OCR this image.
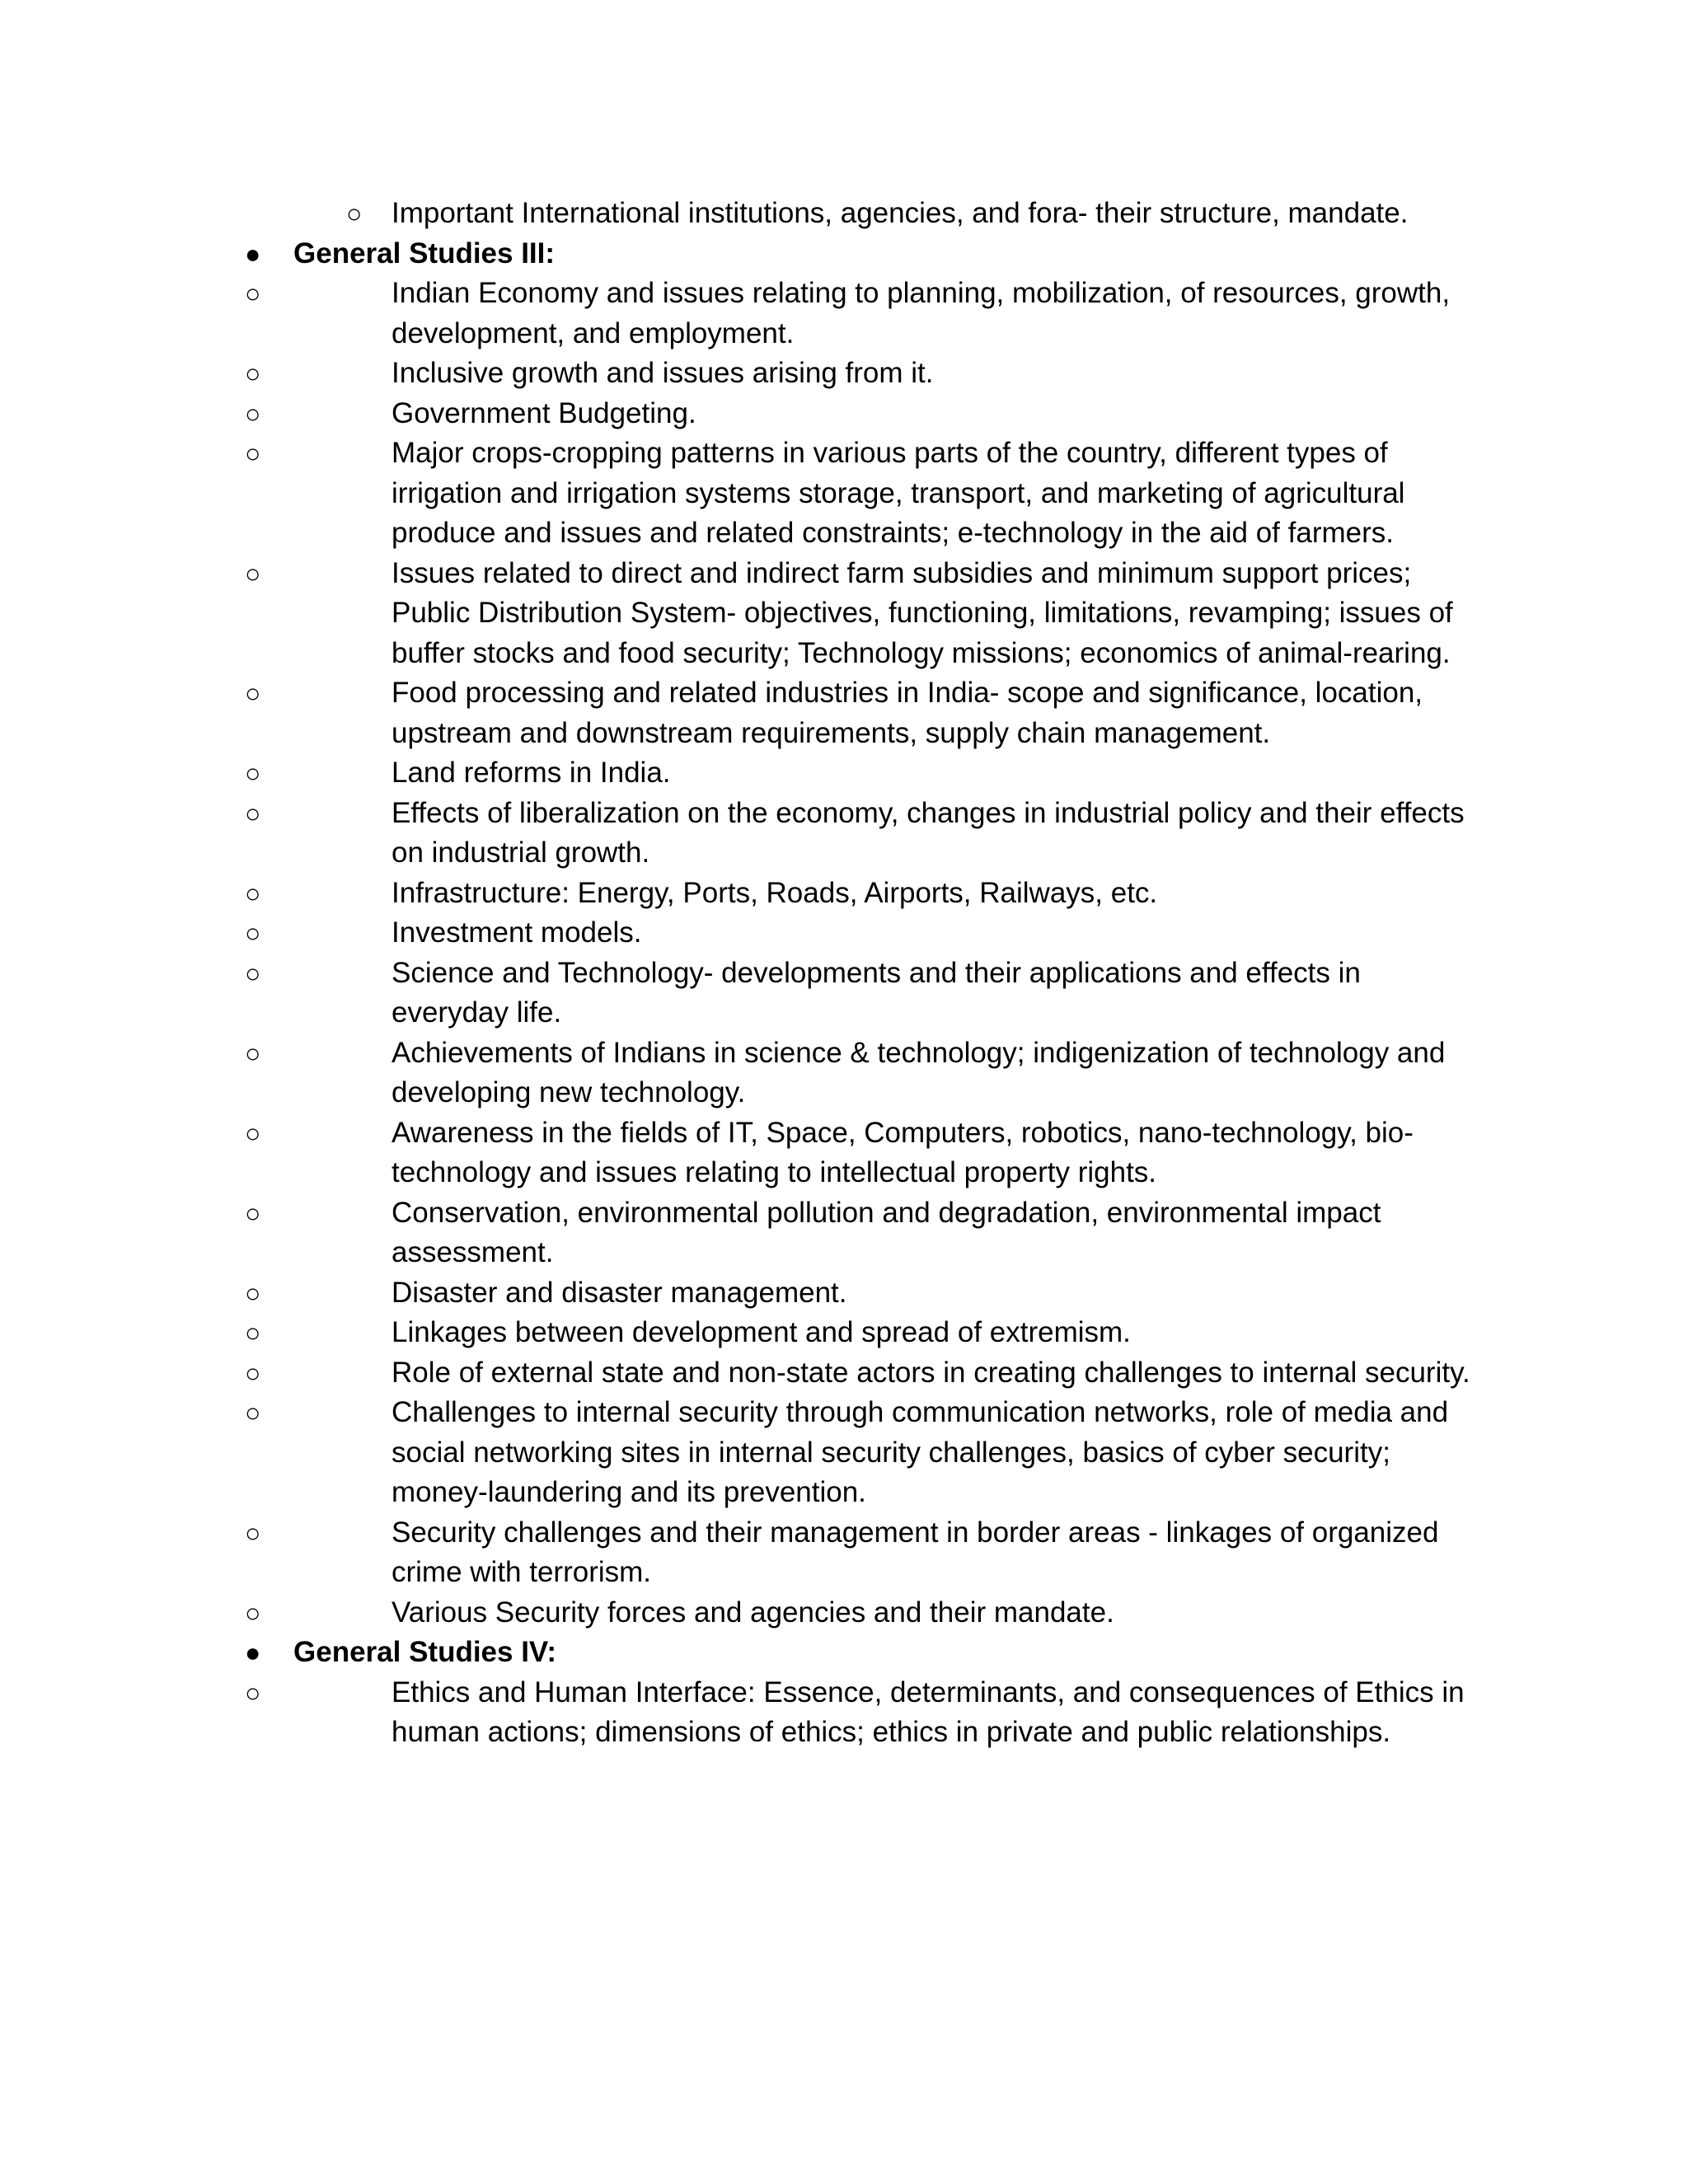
○ Important International institutions, agencies, and fora- their structure, mandate.
● General Studies III:
○	Indian Economy and issues relating to planning, mobilization, of resources, growth, development, and employment.
○	Inclusive growth and issues arising from it.
○	Government Budgeting.
○	Major crops-cropping patterns in various parts of the country, different types of irrigation and irrigation systems storage, transport, and marketing of agricultural produce and issues and related constraints; e-technology in the aid of farmers.
○	Issues related to direct and indirect farm subsidies and minimum support prices; Public Distribution System- objectives, functioning, limitations, revamping; issues of buffer stocks and food security; Technology missions; economics of animal-rearing.
○	Food processing and related industries in India- scope and significance, location, upstream and downstream requirements, supply chain management.
○	Land reforms in India.
○	Effects of liberalization on the economy, changes in industrial policy and their effects on industrial growth.
○	Infrastructure: Energy, Ports, Roads, Airports, Railways, etc.
○	Investment models.
○	Science and Technology- developments and their applications and effects in everyday life.
○	Achievements of Indians in science & technology; indigenization of technology and developing new technology.
○	Awareness in the fields of IT, Space, Computers, robotics, nano-technology, bio-technology and issues relating to intellectual property rights.
○	Conservation, environmental pollution and degradation, environmental impact assessment.
○	Disaster and disaster management.
○	Linkages between development and spread of extremism.
○	Role of external state and non-state actors in creating challenges to internal security.
○	Challenges to internal security through communication networks, role of media and social networking sites in internal security challenges, basics of cyber security; money-laundering and its prevention.
○	Security challenges and their management in border areas - linkages of organized crime with terrorism.
○	Various Security forces and agencies and their mandate.
● General Studies IV:
○	Ethics and Human Interface: Essence, determinants, and consequences of Ethics in human actions; dimensions of ethics; ethics in private and public relationships.
